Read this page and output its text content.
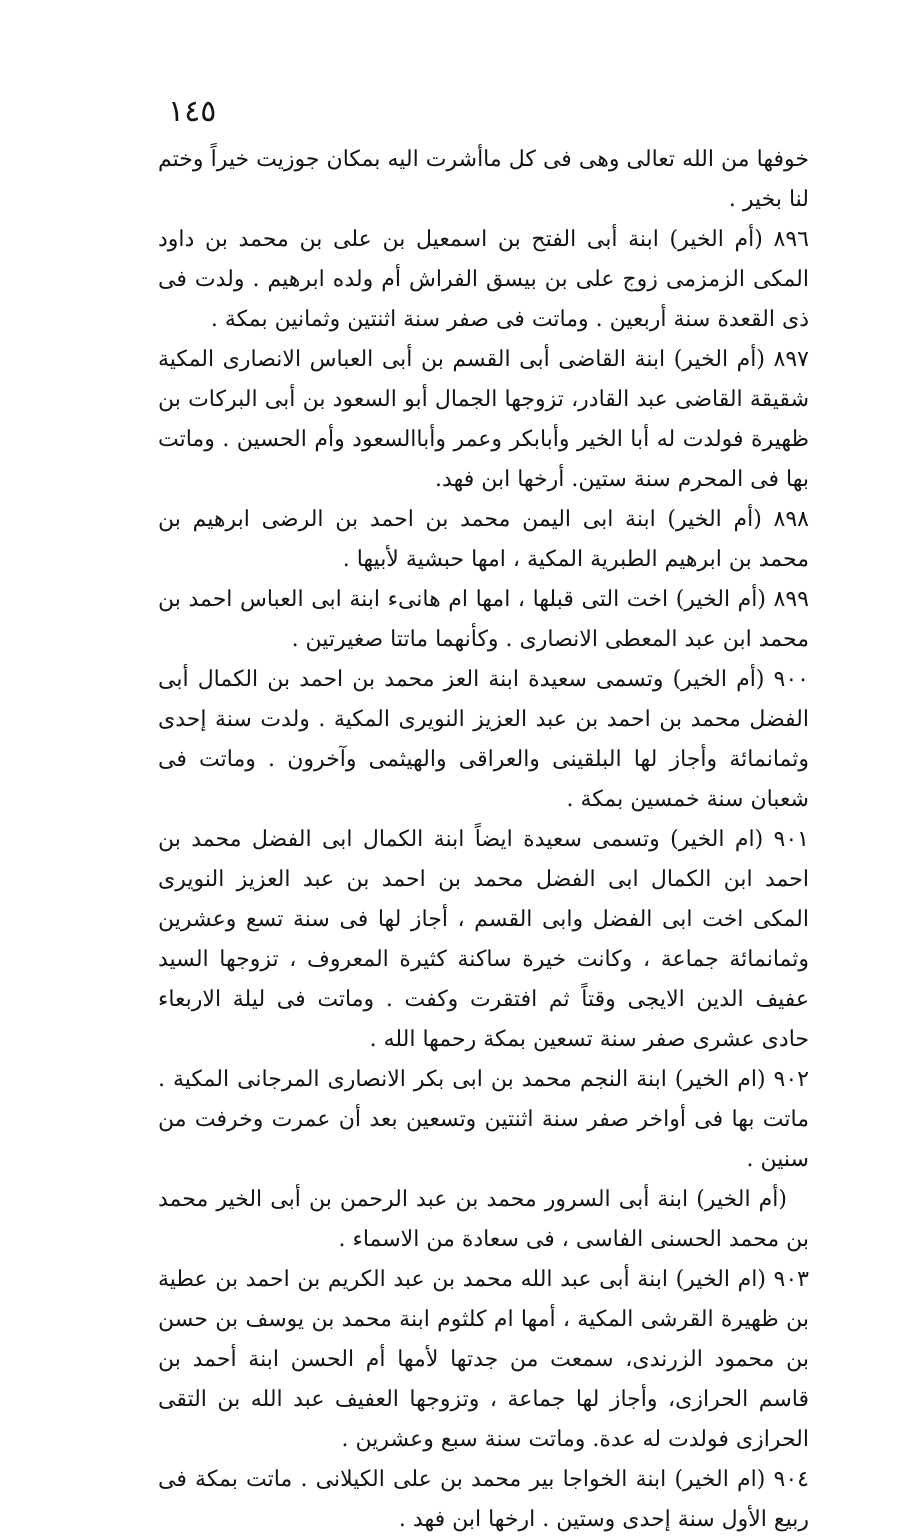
١٤٥

خوفها من الله تعالى وهى فى كل ماأشرت اليه بمكان جوزيت خيراً وختم لنا بخير .

٨٩٦ (أم الخير) ابنة أبى الفتح بن اسمعيل بن على بن محمد بن داود المكى الزمزمى زوج على بن بيسق الفراش أم ولده ابرهيم . ولدت فى ذى القعدة سنة أربعين . وماتت فى صفر سنة اثنتين وثمانين بمكة .

٨٩٧ (أم الخير) ابنة القاضى أبى القسم بن أبى العباس الانصارى المكية شقيقة القاضى عبد القادر، تزوجها الجمال أبو السعود بن أبى البركات بن ظهيرة فولدت له أبا الخير وأبابكر وعمر وأباالسعود وأم الحسين . وماتت بها فى المحرم سنة ستين. أرخها ابن فهد.

٨٩٨ (أم الخير) ابنة ابى اليمن محمد بن احمد بن الرضى ابرهيم بن محمد بن ابرهيم الطبرية المكية ، امها حبشية لأبيها .

٨٩٩ (أم الخير) اخت التى قبلها ، امها ام هانىء ابنة ابى العباس احمد بن محمد ابن عبد المعطى الانصارى . وكأنهما ماتتا صغيرتين .

٩٠٠ (أم الخير) وتسمى سعيدة ابنة العز محمد بن احمد بن الكمال أبى الفضل محمد بن احمد بن عبد العزيز النويرى المكية . ولدت سنة إحدى وثمانمائة وأجاز لها البلقينى والعراقى والهيثمى وآخرون . وماتت فى شعبان سنة خمسين بمكة .

٩٠١ (ام الخير) وتسمى سعيدة ايضاً ابنة الكمال ابى الفضل محمد بن احمد ابن الكمال ابى الفضل محمد بن احمد بن عبد العزيز النويرى المكى اخت ابى الفضل وابى القسم ، أجاز لها فى سنة تسع وعشرين وثمانمائة جماعة ، وكانت خيرة ساكنة كثيرة المعروف ، تزوجها السيد عفيف الدين الايجى وقتاً ثم افتقرت وكفت . وماتت فى ليلة الاربعاء حادى عشرى صفر سنة تسعين بمكة رحمها الله .

٩٠٢ (ام الخير) ابنة النجم محمد بن ابى بكر الانصارى المرجانى المكية . ماتت بها فى أواخر صفر سنة اثنتين وتسعين بعد أن عمرت وخرفت من سنين .

(أم الخير) ابنة أبى السرور محمد بن عبد الرحمن بن أبى الخير محمد بن محمد الحسنى الفاسى ، فى سعادة من الاسماء .

٩٠٣ (ام الخير) ابنة أبى عبد الله محمد بن عبد الكريم بن احمد بن عطية بن ظهيرة القرشى المكية ، أمها ام كلثوم ابنة محمد بن يوسف بن حسن بن محمود الزرندى، سمعت من جدتها لأمها أم الحسن ابنة أحمد بن قاسم الحرازى، وأجاز لها جماعة ، وتزوجها العفيف عبد الله بن التقى الحرازى فولدت له عدة. وماتت سنة سبع وعشرين .

٩٠٤ (ام الخير) ابنة الخواجا بير محمد بن على الكيلانى . ماتت بمكة فى ربيع الأول سنة إحدى وستين . ارخها ابن فهد .
